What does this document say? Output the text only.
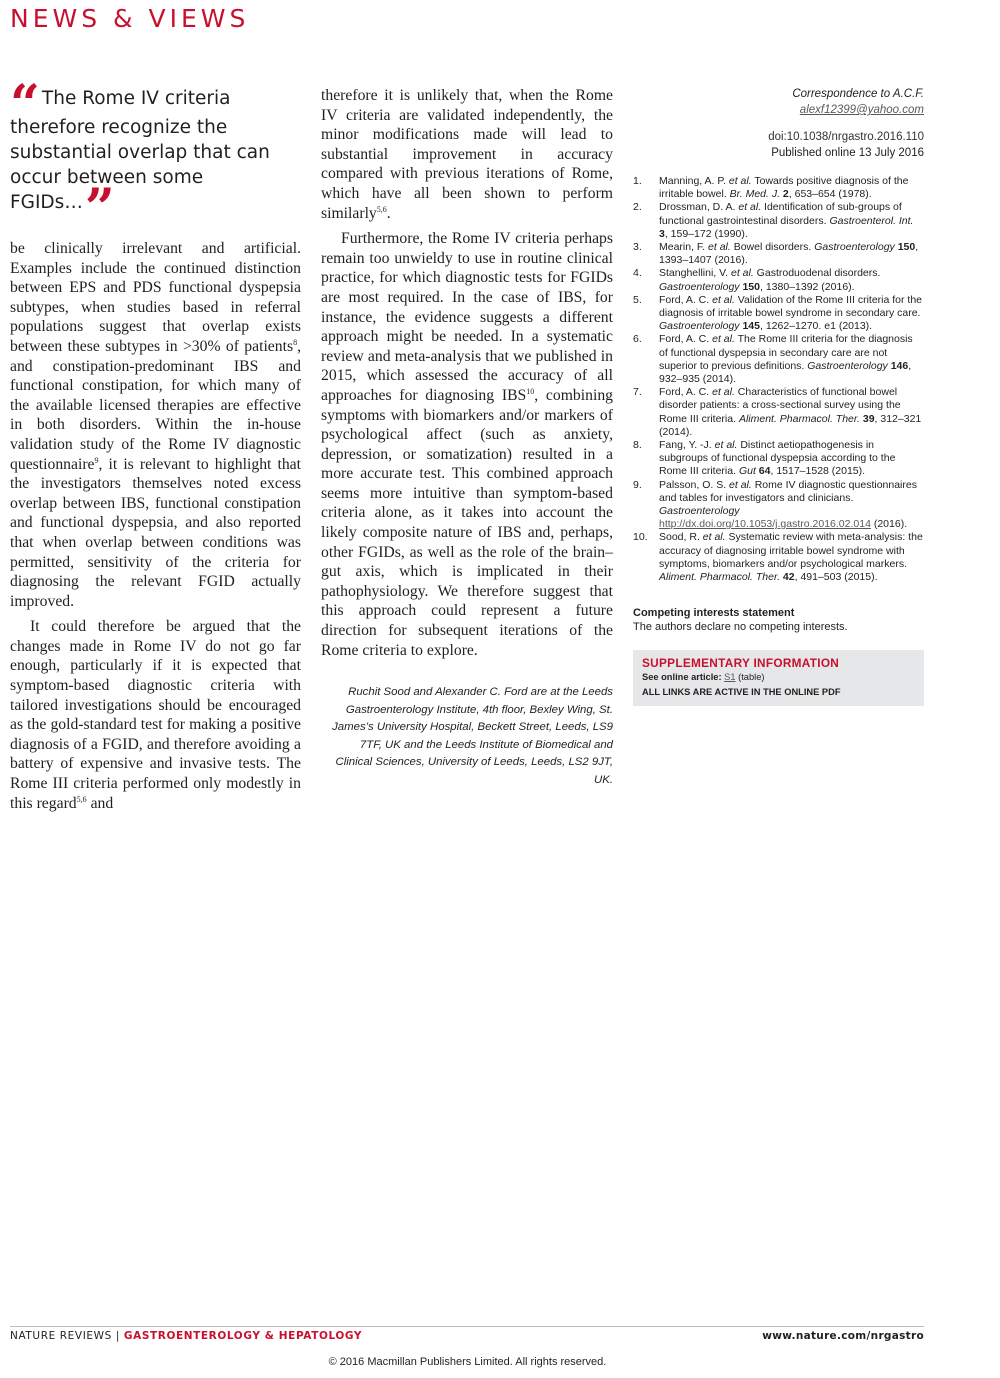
NEWS & VIEWS
“ The Rome IV criteria therefore recognize the substantial overlap that can occur between some FGIDs…”

be clinically irrelevant and artificial. Examples include the continued distinction between EPS and PDS functional dyspepsia subtypes, when studies based in referral populations suggest that overlap exists between these subtypes in >30% of patients$^8$, and constipation-predominant IBS and functional constipation, for which many of the available licensed therapies are effective in both disorders. Within the in-house validation study of the Rome IV diagnostic questionnaire$^9$, it is relevant to highlight that the investigators themselves noted excess overlap between IBS, functional constipation and functional dyspepsia, and also reported that when overlap between conditions was permitted, sensitivity of the criteria for diagnosing the relevant FGID actually improved.

It could therefore be argued that the changes made in Rome IV do not go far enough, particularly if it is expected that symptom-based diagnostic criteria with tailored investigations should be encouraged as the gold-standard test for making a positive diagnosis of a FGID, and therefore avoiding a battery of expensive and invasive tests. The Rome III criteria performed only modestly in this regard$^{5,6}$ and

therefore it is unlikely that, when the Rome IV criteria are validated independently, the minor modifications made will lead to substantial improvement in accuracy compared with previous iterations of Rome, which have all been shown to perform similarly$^{5,6}$.

Furthermore, the Rome IV criteria perhaps remain too unwieldy to use in routine clinical practice, for which diagnostic tests for FGIDs are most required. In the case of IBS, for instance, the evidence suggests a different approach might be needed. In a systematic review and meta-analysis that we published in 2015, which assessed the accuracy of all approaches for diagnosing IBS$^{10}$, combining symptoms with biomarkers and/or markers of psychological affect (such as anxiety, depression, or somatization) resulted in a more accurate test. This combined approach seems more intuitive than symptom-based criteria alone, as it takes into account the likely composite nature of IBS and, perhaps, other FGIDs, as well as the role of the brain–gut axis, which is implicated in their pathophysiology. We therefore suggest that this approach could represent a future direction for subsequent iterations of the Rome criteria to explore.

Ruchit Sood and Alexander C. Ford are at the Leeds Gastroenterology Institute, 4th floor, Bexley Wing, St. James’s University Hospital, Beckett Street, Leeds, LS9 7TF, UK and the Leeds Institute of Biomedical and Clinical Sciences, University of Leeds, Leeds, LS2 9JT, UK.
Correspondence to A.C.F.
alexf12399@yahoo.com
doi:10.1038/nrgastro.2016.110
Published online 13 July 2016
1. Manning, A. P. et al. Towards positive diagnosis of the irritable bowel. Br. Med. J. 2, 653–654 (1978).
2. Drossman, D. A. et al. Identification of sub-groups of functional gastrointestinal disorders. Gastroenterol. Int. 3, 159–172 (1990).
3. Mearin, F. et al. Bowel disorders. Gastroenterology 150, 1393–1407 (2016).
4. Stanghellini, V. et al. Gastroduodenal disorders. Gastroenterology 150, 1380–1392 (2016).
5. Ford, A. C. et al. Validation of the Rome III criteria for the diagnosis of irritable bowel syndrome in secondary care. Gastroenterology 145, 1262–1270. e1 (2013).
6. Ford, A. C. et al. The Rome III criteria for the diagnosis of functional dyspepsia in secondary care are not superior to previous definitions. Gastroenterology 146, 932–935 (2014).
7. Ford, A. C. et al. Characteristics of functional bowel disorder patients: a cross-sectional survey using the Rome III criteria. Aliment. Pharmacol. Ther. 39, 312–321 (2014).
8. Fang, Y. -J. et al. Distinct aetiopathogenesis in subgroups of functional dyspepsia according to the Rome III criteria. Gut 64, 1517–1528 (2015).
9. Palsson, O. S. et al. Rome IV diagnostic questionnaires and tables for investigators and clinicians. Gastroenterology http://dx.doi.org/10.1053/j.gastro.2016.02.014 (2016).
10. Sood, R. et al. Systematic review with meta-analysis: the accuracy of diagnosing irritable bowel syndrome with symptoms, biomarkers and/or psychological markers. Aliment. Pharmacol. Ther. 42, 491–503 (2015).
Competing interests statement
The authors declare no competing interests.
SUPPLEMENTARY INFORMATION
See online article: S1 (table)
ALL LINKS ARE ACTIVE IN THE ONLINE PDF
NATURE REVIEWS | GASTROENTEROLOGY & HEPATOLOGY	www.nature.com/nrgastro
© 2016 Macmillan Publishers Limited. All rights reserved.
